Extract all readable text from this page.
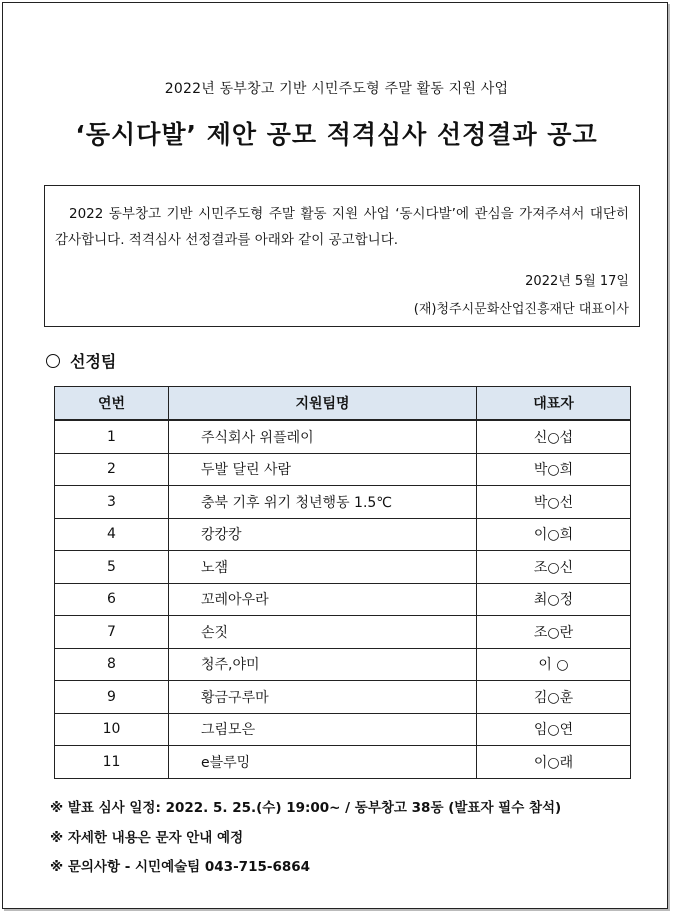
2022년 동부창고 기반 시민주도형 주말 활동 지원 사업
‘동시다발’ 제안 공모 적격심사 선정결과 공고
2022 동부창고 기반 시민주도형 주말 활동 지원 사업 ‘동시다발’에 관심을 가져주셔서 대단히 감사합니다. 적격심사 선정결과를 아래와 같이 공고합니다.
2022년 5월 17일
(재)청주시문화산업진흥재단 대표이사
선정팀
연번	지원팀명	대표자
1	주식회사 위플레이	신○섭
2	두발 달린 사람	박○희
3	충북 기후 위기 청년행동 1.5℃	박○선
4	캉캉캉	이○희
5	노잼	조○신
6	꼬레아우라	최○정
7	손짓	조○란
8	청주,야미	이 ○
9	황금구루마	김○훈
10	그림모은	임○연
11	e블루밍	이○래
※ 발표 심사 일정: 2022. 5. 25.(수) 19:00~ / 동부창고 38동 (발표자 필수 참석)
※ 자세한 내용은 문자 안내 예정
※ 문의사항 - 시민예술팀 043-715-6864
